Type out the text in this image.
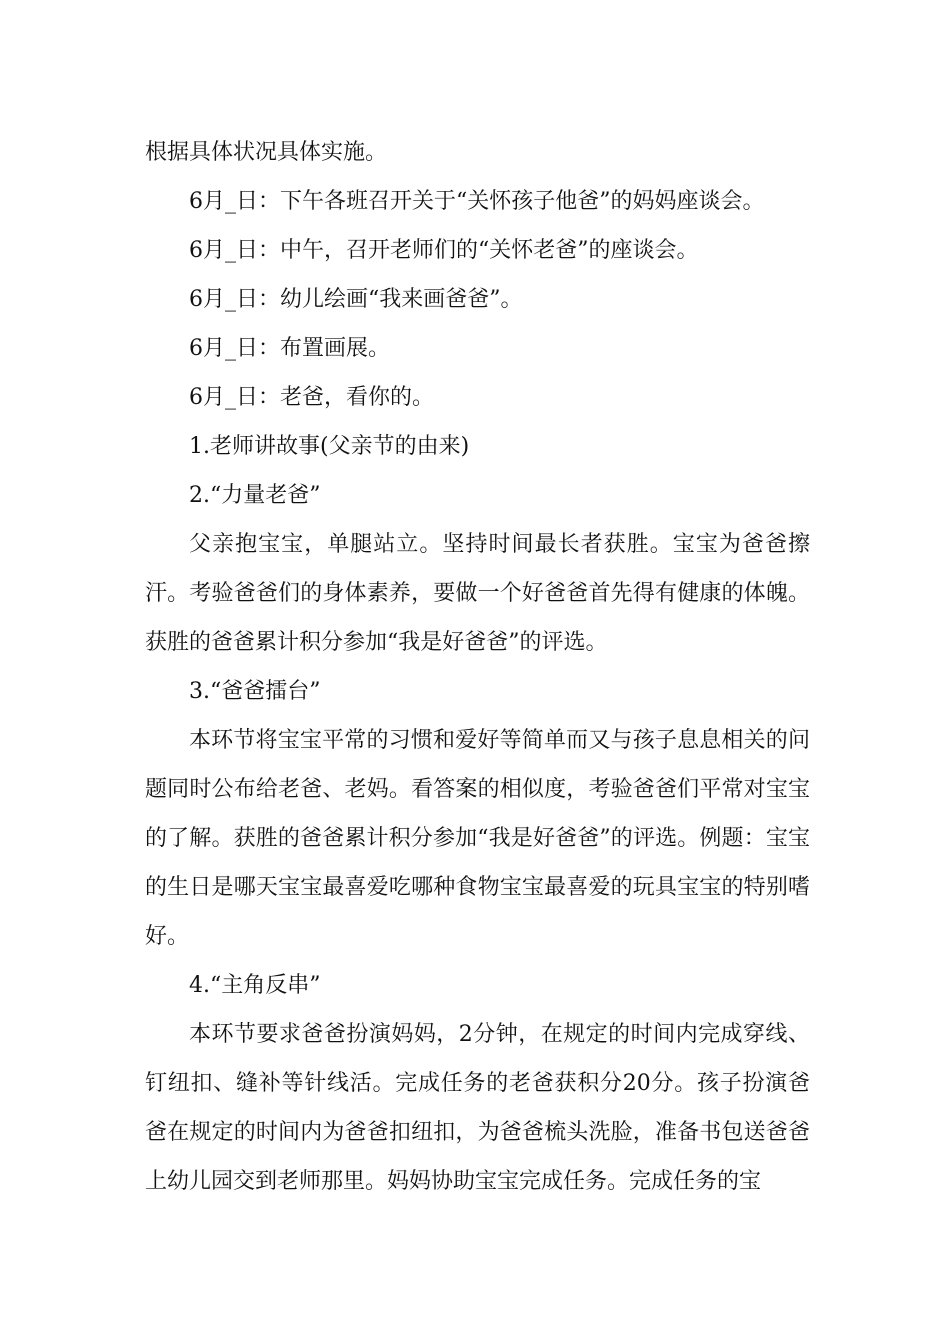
根据具体状况具体实施。

6月_日：下午各班召开关于“关怀孩子他爸”的妈妈座谈会。

6月_日：中午，召开老师们的“关怀老爸”的座谈会。

6月_日：幼儿绘画“我来画爸爸”。

6月_日：布置画展。

6月_日：老爸，看你的。

1.老师讲故事(父亲节的由来)

2.“力量老爸”

父亲抱宝宝，单腿站立。坚持时间最长者获胜。宝宝为爸爸擦汗。考验爸爸们的身体素养，要做一个好爸爸首先得有健康的体魄。获胜的爸爸累计积分参加“我是好爸爸”的评选。

3.“爸爸擂台”

本环节将宝宝平常的习惯和爱好等简单而又与孩子息息相关的问题同时公布给老爸、老妈。看答案的相似度，考验爸爸们平常对宝宝的了解。获胜的爸爸累计积分参加“我是好爸爸”的评选。例题：宝宝的生日是哪天宝宝最喜爱吃哪种食物宝宝最喜爱的玩具宝宝的特别嗜好。

4.“主角反串”

本环节要求爸爸扮演妈妈，2分钟，在规定的时间内完成穿线、钉纽扣、缝补等针线活。完成任务的老爸获积分20分。孩子扮演爸爸在规定的时间内为爸爸扣纽扣，为爸爸梳头洗脸，准备书包送爸爸上幼儿园交到老师那里。妈妈协助宝宝完成任务。完成任务的宝
